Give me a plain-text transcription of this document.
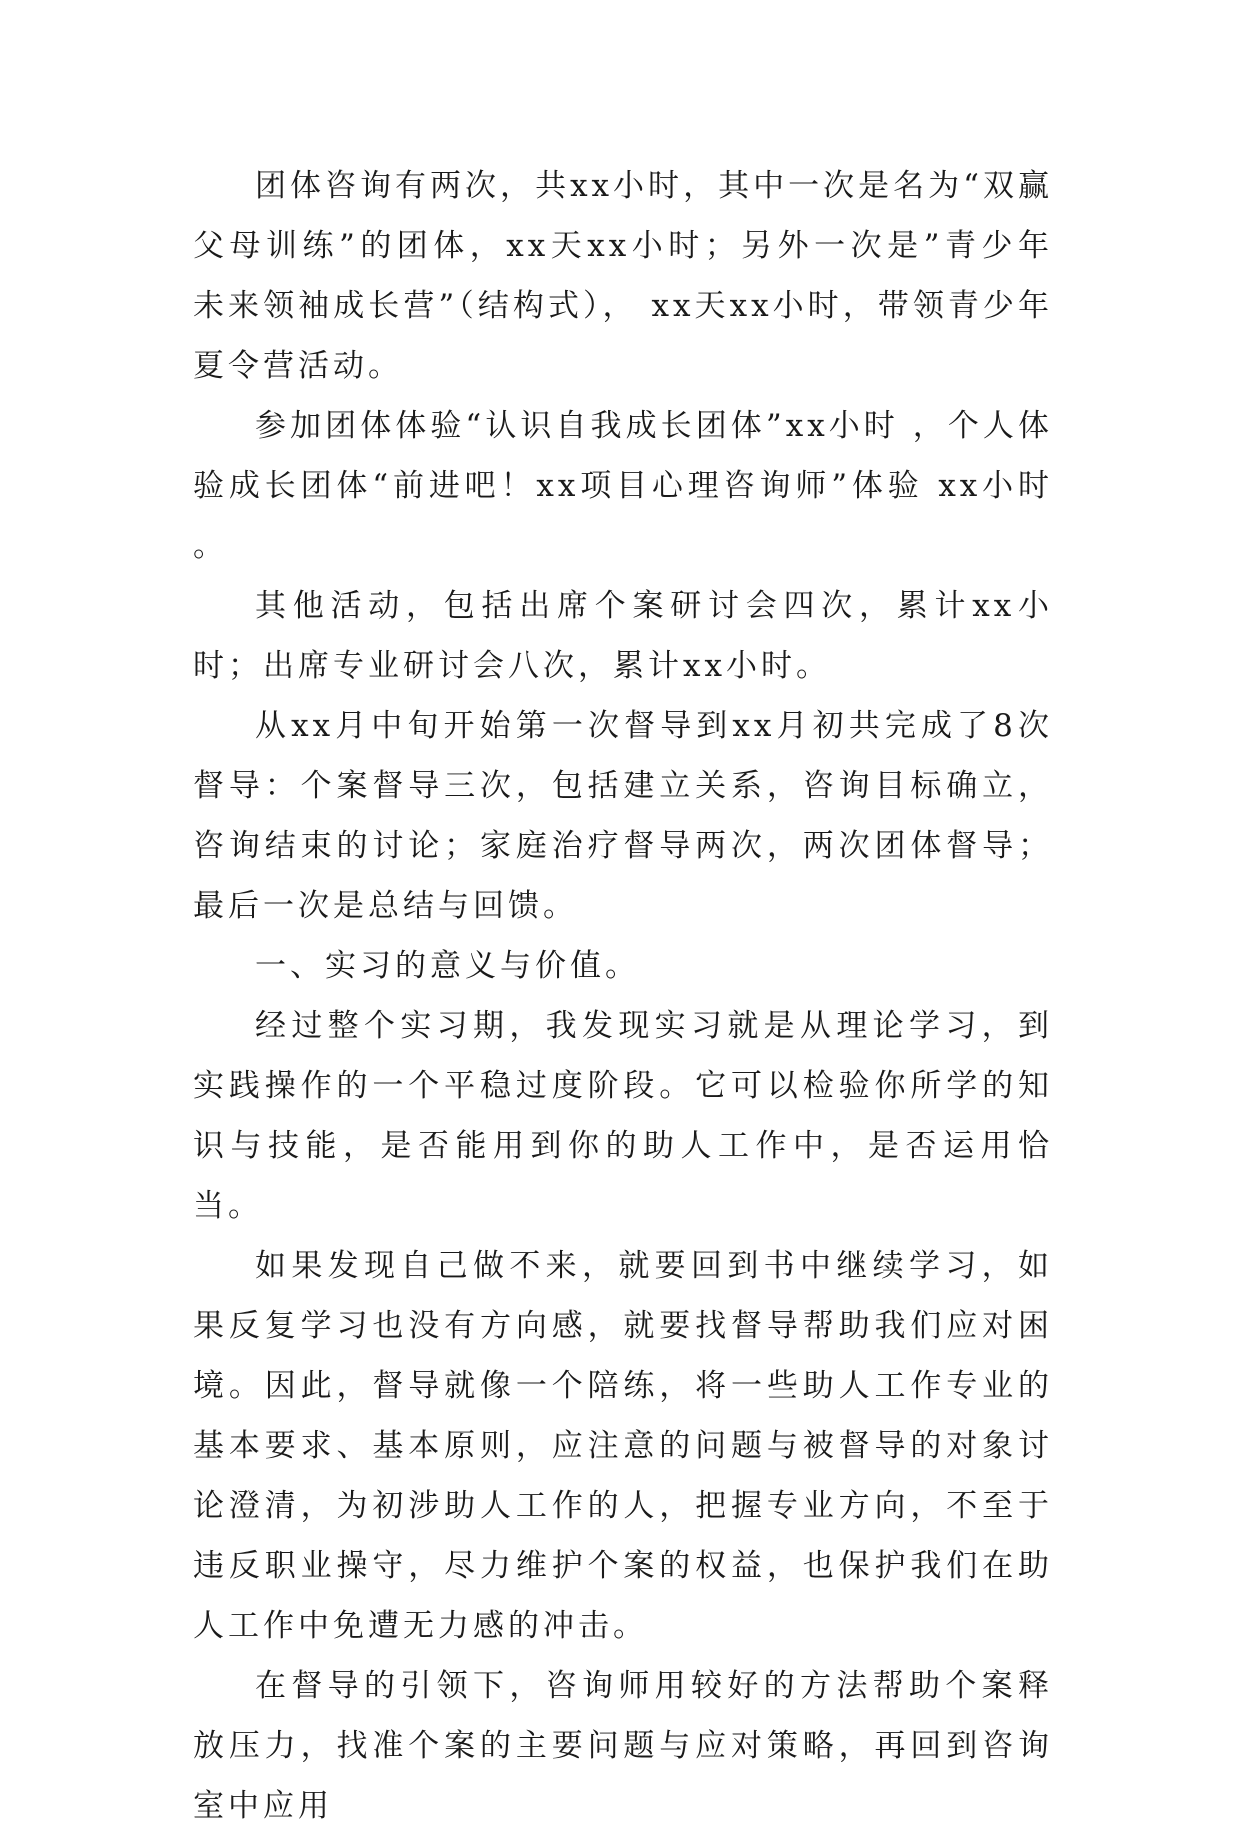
团体咨询有两次，共xx小时，其中一次是名为“双赢父母训练”的团体，xx天xx小时；另外一次是”青少年未来领袖成长营”（结构式）， xx天xx小时，带领青少年夏令营活动。

参加团体体验“认识自我成长团体”xx小时 ，个人体验成长团体“前进吧！xx项目心理咨询师”体验 xx小时 。

其他活动，包括出席个案研讨会四次，累计xx小时；出席专业研讨会八次，累计xx小时。

从xx月中旬开始第一次督导到xx月初共完成了8次督导：个案督导三次，包括建立关系，咨询目标确立，咨询结束的讨论；家庭治疗督导两次，两次团体督导；最后一次是总结与回馈。

一、实习的意义与价值。

经过整个实习期，我发现实习就是从理论学习，到实践操作的一个平稳过度阶段。它可以检验你所学的知识与技能，是否能用到你的助人工作中，是否运用恰当。

如果发现自己做不来，就要回到书中继续学习，如果反复学习也没有方向感，就要找督导帮助我们应对困境。因此，督导就像一个陪练，将一些助人工作专业的基本要求、基本原则，应注意的问题与被督导的对象讨论澄清，为初涉助人工作的人，把握专业方向，不至于违反职业操守，尽力维护个案的权益，也保护我们在助人工作中免遭无力感的冲击。

在督导的引领下，咨询师用较好的方法帮助个案释放压力，找准个案的主要问题与应对策略，再回到咨询室中应用
